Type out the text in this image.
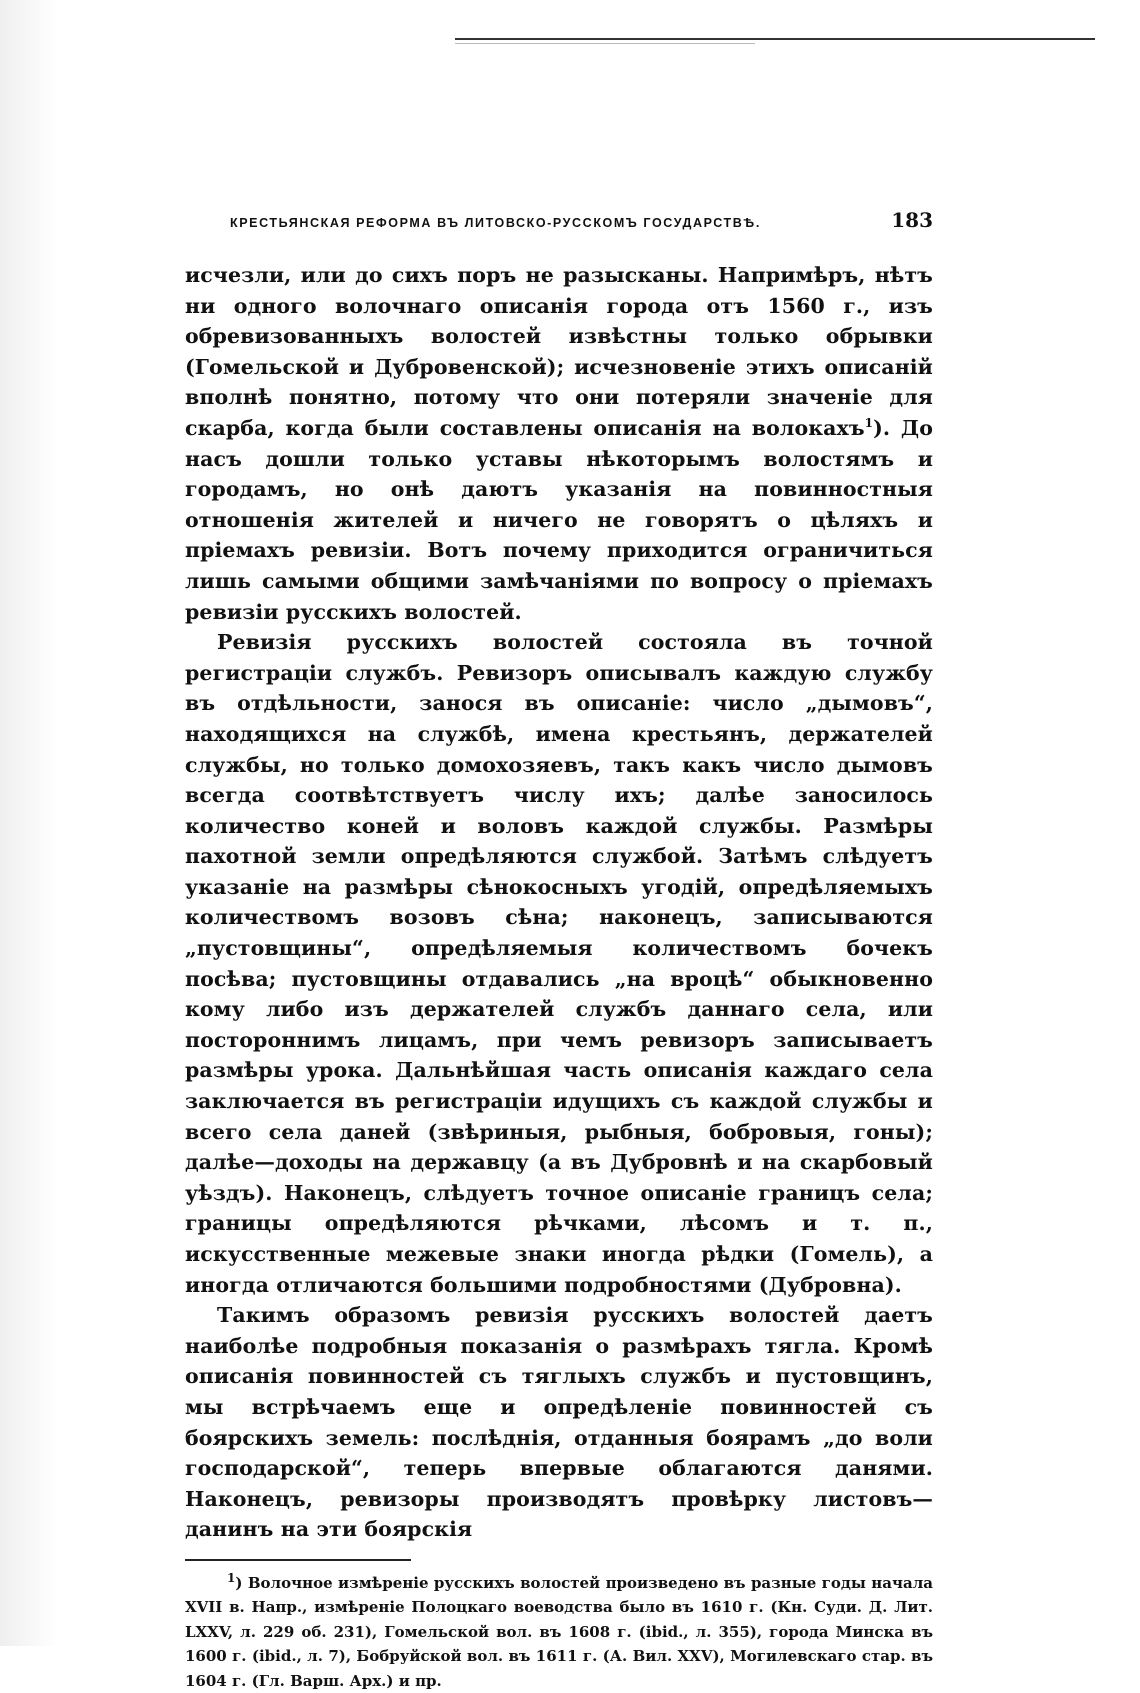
КРЕСТЬЯНСКАЯ РЕФОРМА ВЪ ЛИТОВСКО-РУССКОМЪ ГОСУДАРСТВѢ.	183

исчезли, или до сихъ поръ не разысканы. Напримѣръ, нѣтъ ни одного волочнаго описанія города отъ 1560 г., изъ обревизованныхъ волостей извѣстны только обрывки (Гомельской и Дубровенской); исчезновеніе этихъ описаній вполнѣ понятно, потому что они потеряли значеніе для скарба, когда были составлены описанія на волокахъ$^1$). До насъ дошли только уставы нѣкоторымъ волостямъ и городамъ, но онѣ даютъ указанія на повинностныя отношенія жителей и ничего не говорятъ о цѣляхъ и пріемахъ ревизіи. Вотъ почему приходится ограничиться лишь самыми общими замѣчаніями по вопросу о пріемахъ ревизіи русскихъ волостей.

Ревизія русскихъ волостей состояла въ точной регистраціи службъ. Ревизоръ описывалъ каждую службу въ отдѣльности, занося въ описаніе: число „дымовъ“, находящихся на службѣ, имена крестьянъ, держателей службы, но только домохозяевъ, такъ какъ число дымовъ всегда соотвѣтствуетъ числу ихъ; далѣе заносилось количество коней и воловъ каждой службы. Размѣры пахотной земли опредѣляются службой. Затѣмъ слѣдуетъ указаніе на размѣры сѣнокосныхъ угодій, опредѣляемыхъ количествомъ возовъ сѣна; наконецъ, записываются „пустовщины“, опредѣляемыя количествомъ бочекъ посѣва; пустовщины отдавались „на вроцѣ“ обыкновенно кому либо изъ держателей службъ даннаго села, или постороннимъ лицамъ, при чемъ ревизоръ записываетъ размѣры урока. Дальнѣйшая часть описанія каждаго села заключается въ регистраціи идущихъ съ каждой службы и всего села даней (звѣриныя, рыбныя, бобровыя, гоны); далѣе—доходы на державцу (а въ Дубровнѣ и на скарбовый уѣздъ). Наконецъ, слѣдуетъ точное описаніе границъ села; границы опредѣляются рѣчками, лѣсомъ и т. п., искусственные межевые знаки иногда рѣдки (Гомель), а иногда отличаются большими подробностями (Дубровна).

Такимъ образомъ ревизія русскихъ волостей даетъ наиболѣе подробныя показанія о размѣрахъ тягла. Кромѣ описанія повинностей съ тяглыхъ службъ и пустовщинъ, мы встрѣчаемъ еще и опредѣленіе повинностей съ боярскихъ земель: послѣднія, отданныя боярамъ „до воли господарской“, теперь впервые облагаются данями. Наконецъ, ревизоры производятъ провѣрку листовъ—данинъ на эти боярскія

$^1$) Волочное измѣреніе русскихъ волостей произведено въ разные годы начала XVII в. Напр., измѣреніе Полоцкаго воеводства было въ 1610 г. (Кн. Суди. Д. Лит. LXXV, л. 229 об. 231), Гомельской вол. въ 1608 г. (ibid., л. 355), города Минска въ 1600 г. (ibid., л. 7), Бобруйской вол. въ 1611 г. (А. Вил. XXV), Могилевскаго стар. въ 1604 г. (Гл. Варш. Арх.) и пр.
